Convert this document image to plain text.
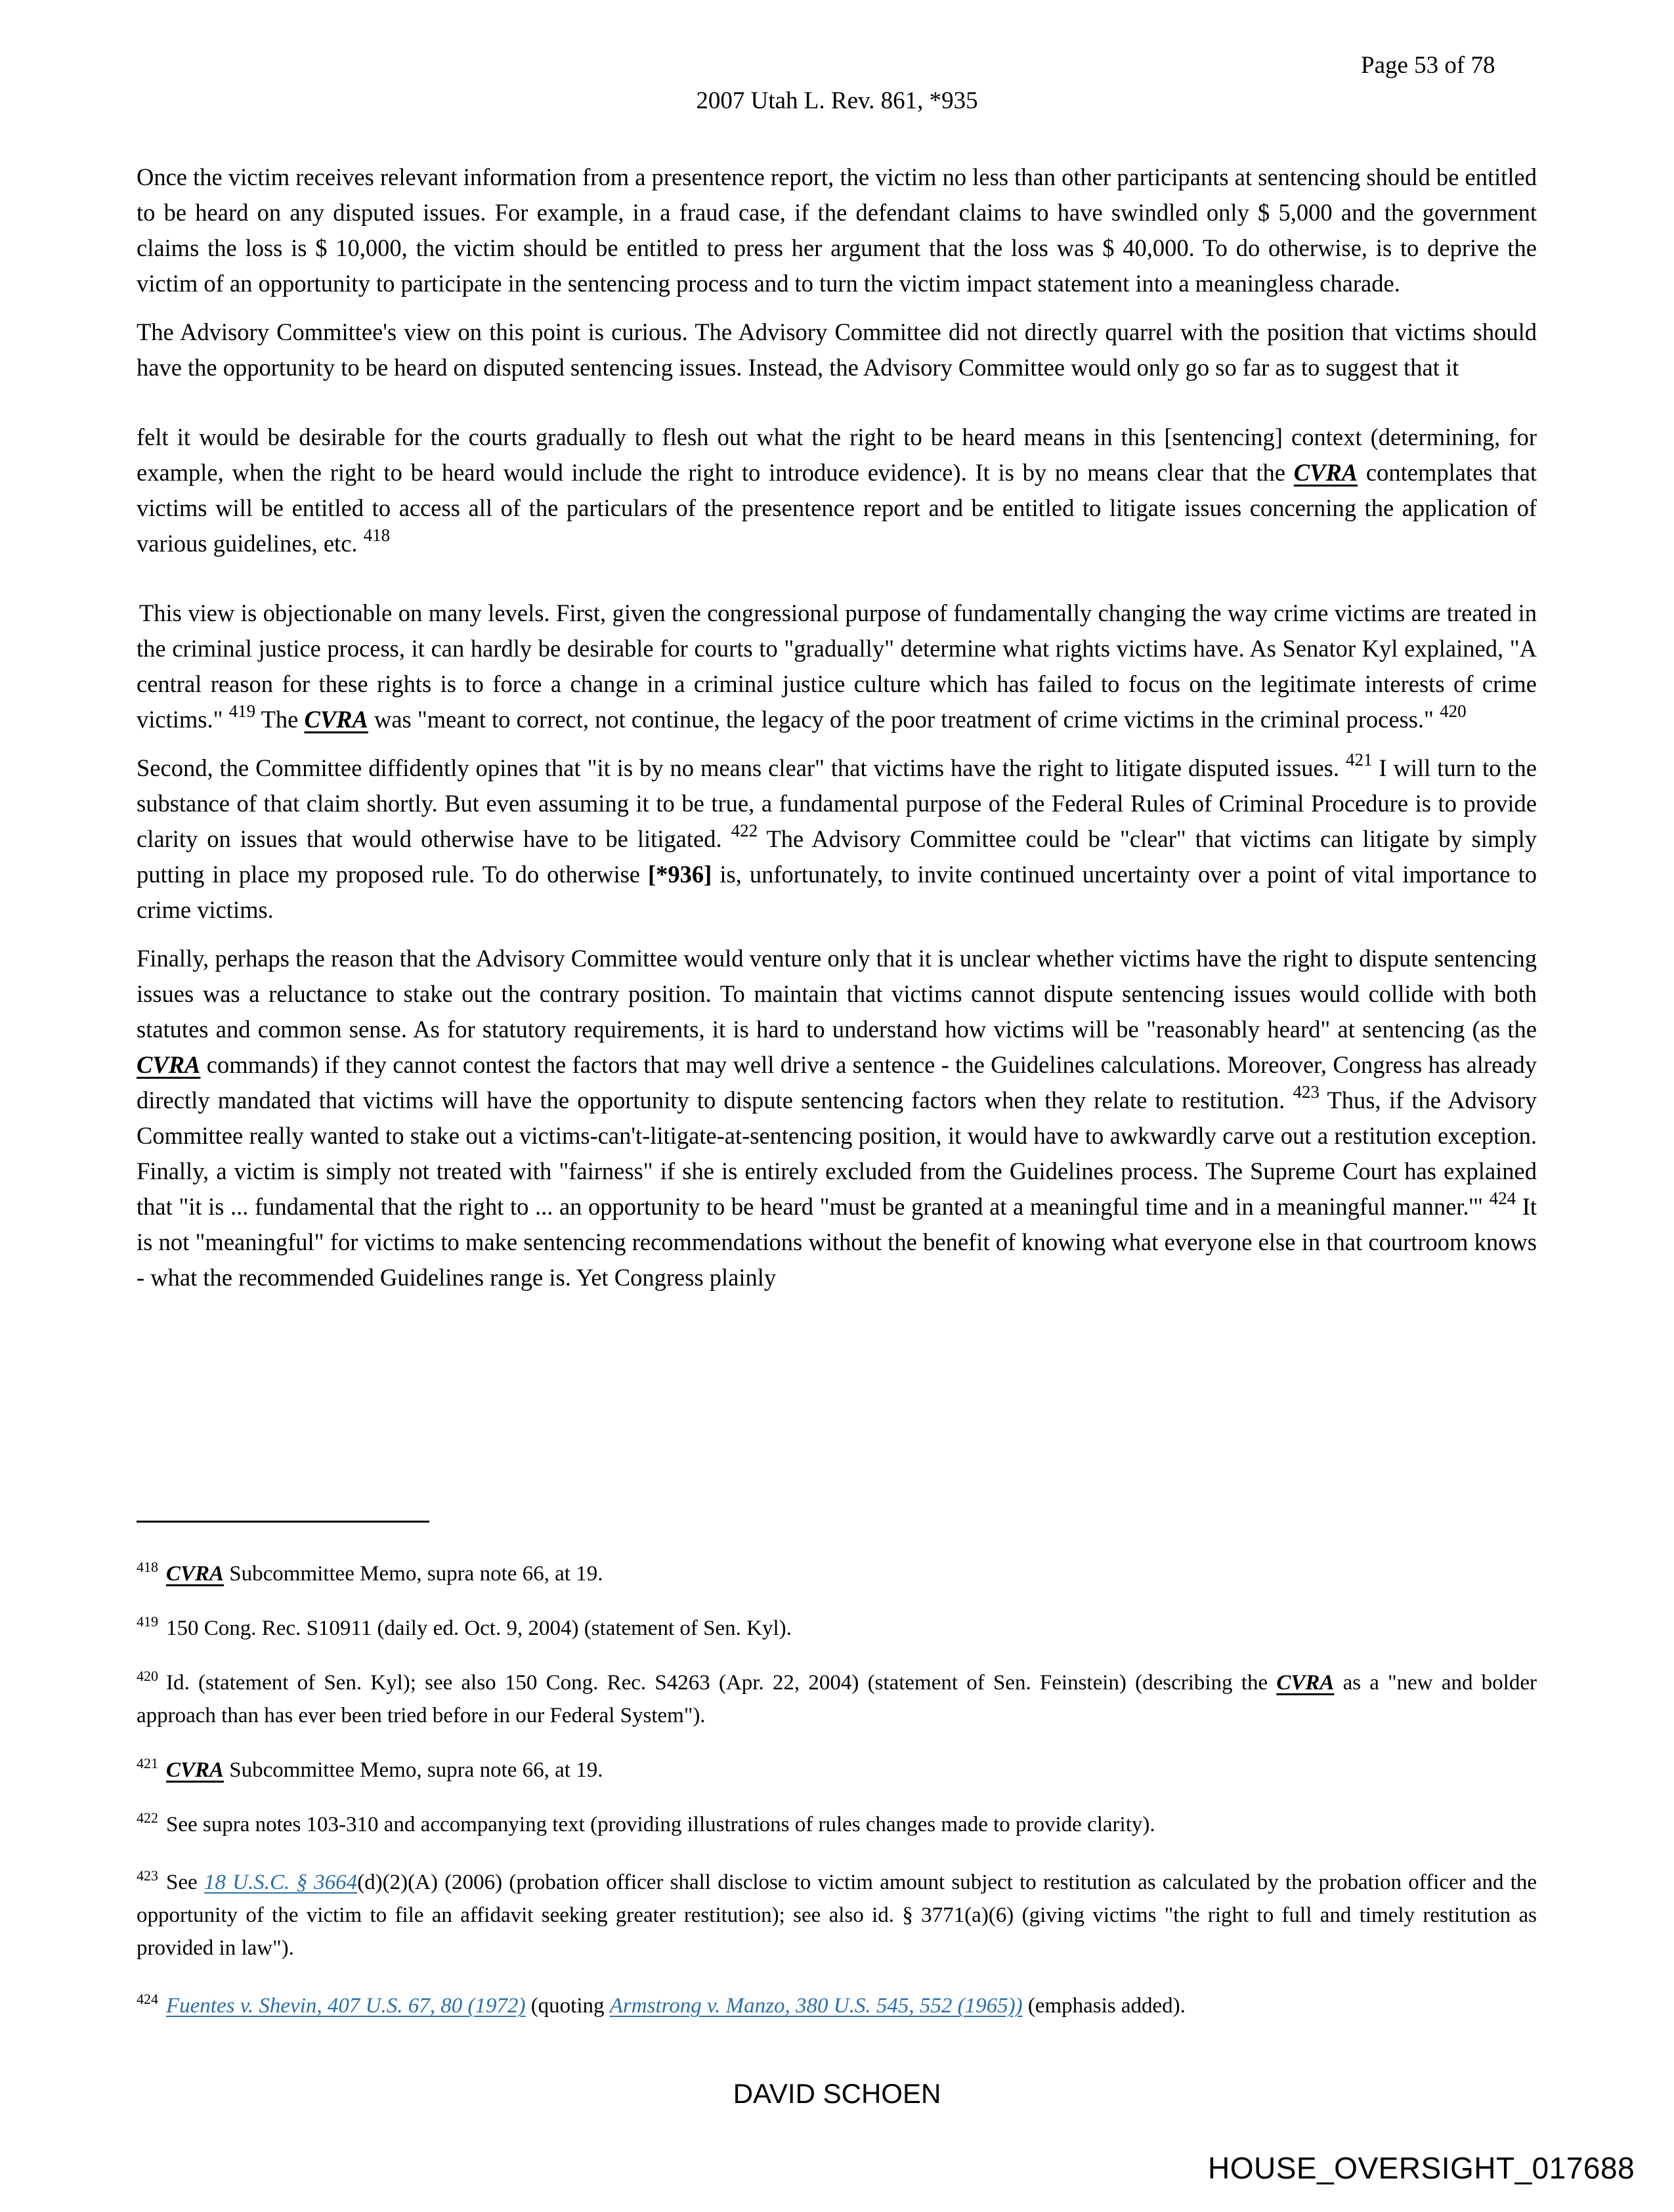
Page 53 of 78
2007 Utah L. Rev. 861, *935

Once the victim receives relevant information from a presentence report, the victim no less than other participants at sentencing should be entitled to be heard on any disputed issues. For example, in a fraud case, if the defendant claims to have swindled only $ 5,000 and the government claims the loss is $ 10,000, the victim should be entitled to press her argument that the loss was $ 40,000. To do otherwise, is to deprive the victim of an opportunity to participate in the sentencing process and to turn the victim impact statement into a meaningless charade.

The Advisory Committee's view on this point is curious. The Advisory Committee did not directly quarrel with the position that victims should have the opportunity to be heard on disputed sentencing issues. Instead, the Advisory Committee would only go so far as to suggest that it

felt it would be desirable for the courts gradually to flesh out what the right to be heard means in this [sentencing] context (determining, for example, when the right to be heard would include the right to introduce evidence). It is by no means clear that the CVRA contemplates that victims will be entitled to access all of the particulars of the presentence report and be entitled to litigate issues concerning the application of various guidelines, etc. $^{418}$

This view is objectionable on many levels. First, given the congressional purpose of fundamentally changing the way crime victims are treated in the criminal justice process, it can hardly be desirable for courts to "gradually" determine what rights victims have. As Senator Kyl explained, "A central reason for these rights is to force a change in a criminal justice culture which has failed to focus on the legitimate interests of crime victims." $^{419}$ The CVRA was "meant to correct, not continue, the legacy of the poor treatment of crime victims in the criminal process." $^{420}$

Second, the Committee diffidently opines that "it is by no means clear" that victims have the right to litigate disputed issues. $^{421}$ I will turn to the substance of that claim shortly. But even assuming it to be true, a fundamental purpose of the Federal Rules of Criminal Procedure is to provide clarity on issues that would otherwise have to be litigated. $^{422}$ The Advisory Committee could be "clear" that victims can litigate by simply putting in place my proposed rule. To do otherwise [*936] is, unfortunately, to invite continued uncertainty over a point of vital importance to crime victims.

Finally, perhaps the reason that the Advisory Committee would venture only that it is unclear whether victims have the right to dispute sentencing issues was a reluctance to stake out the contrary position. To maintain that victims cannot dispute sentencing issues would collide with both statutes and common sense. As for statutory requirements, it is hard to understand how victims will be "reasonably heard" at sentencing (as the CVRA commands) if they cannot contest the factors that may well drive a sentence - the Guidelines calculations. Moreover, Congress has already directly mandated that victims will have the opportunity to dispute sentencing factors when they relate to restitution. $^{423}$ Thus, if the Advisory Committee really wanted to stake out a victims-can't-litigate-at-sentencing position, it would have to awkwardly carve out a restitution exception. Finally, a victim is simply not treated with "fairness" if she is entirely excluded from the Guidelines process. The Supreme Court has explained that "it is ... fundamental that the right to ... an opportunity to be heard "must be granted at a meaningful time and in a meaningful manner.'" $^{424}$ It is not "meaningful" for victims to make sentencing recommendations without the benefit of knowing what everyone else in that courtroom knows - what the recommended Guidelines range is. Yet Congress plainly

$^{418}$ CVRA Subcommittee Memo, supra note 66, at 19.
$^{419}$ 150 Cong. Rec. S10911 (daily ed. Oct. 9, 2004) (statement of Sen. Kyl).
$^{420}$ Id. (statement of Sen. Kyl); see also 150 Cong. Rec. S4263 (Apr. 22, 2004) (statement of Sen. Feinstein) (describing the CVRA as a "new and bolder approach than has ever been tried before in our Federal System").
$^{421}$ CVRA Subcommittee Memo, supra note 66, at 19.
$^{422}$ See supra notes 103-310 and accompanying text (providing illustrations of rules changes made to provide clarity).
$^{423}$ See 18 U.S.C. § 3664(d)(2)(A) (2006) (probation officer shall disclose to victim amount subject to restitution as calculated by the probation officer and the opportunity of the victim to file an affidavit seeking greater restitution); see also id. § 3771(a)(6) (giving victims "the right to full and timely restitution as provided in law").
$^{424}$ Fuentes v. Shevin, 407 U.S. 67, 80 (1972) (quoting Armstrong v. Manzo, 380 U.S. 545, 552 (1965)) (emphasis added).
DAVID SCHOEN
HOUSE_OVERSIGHT_017688
